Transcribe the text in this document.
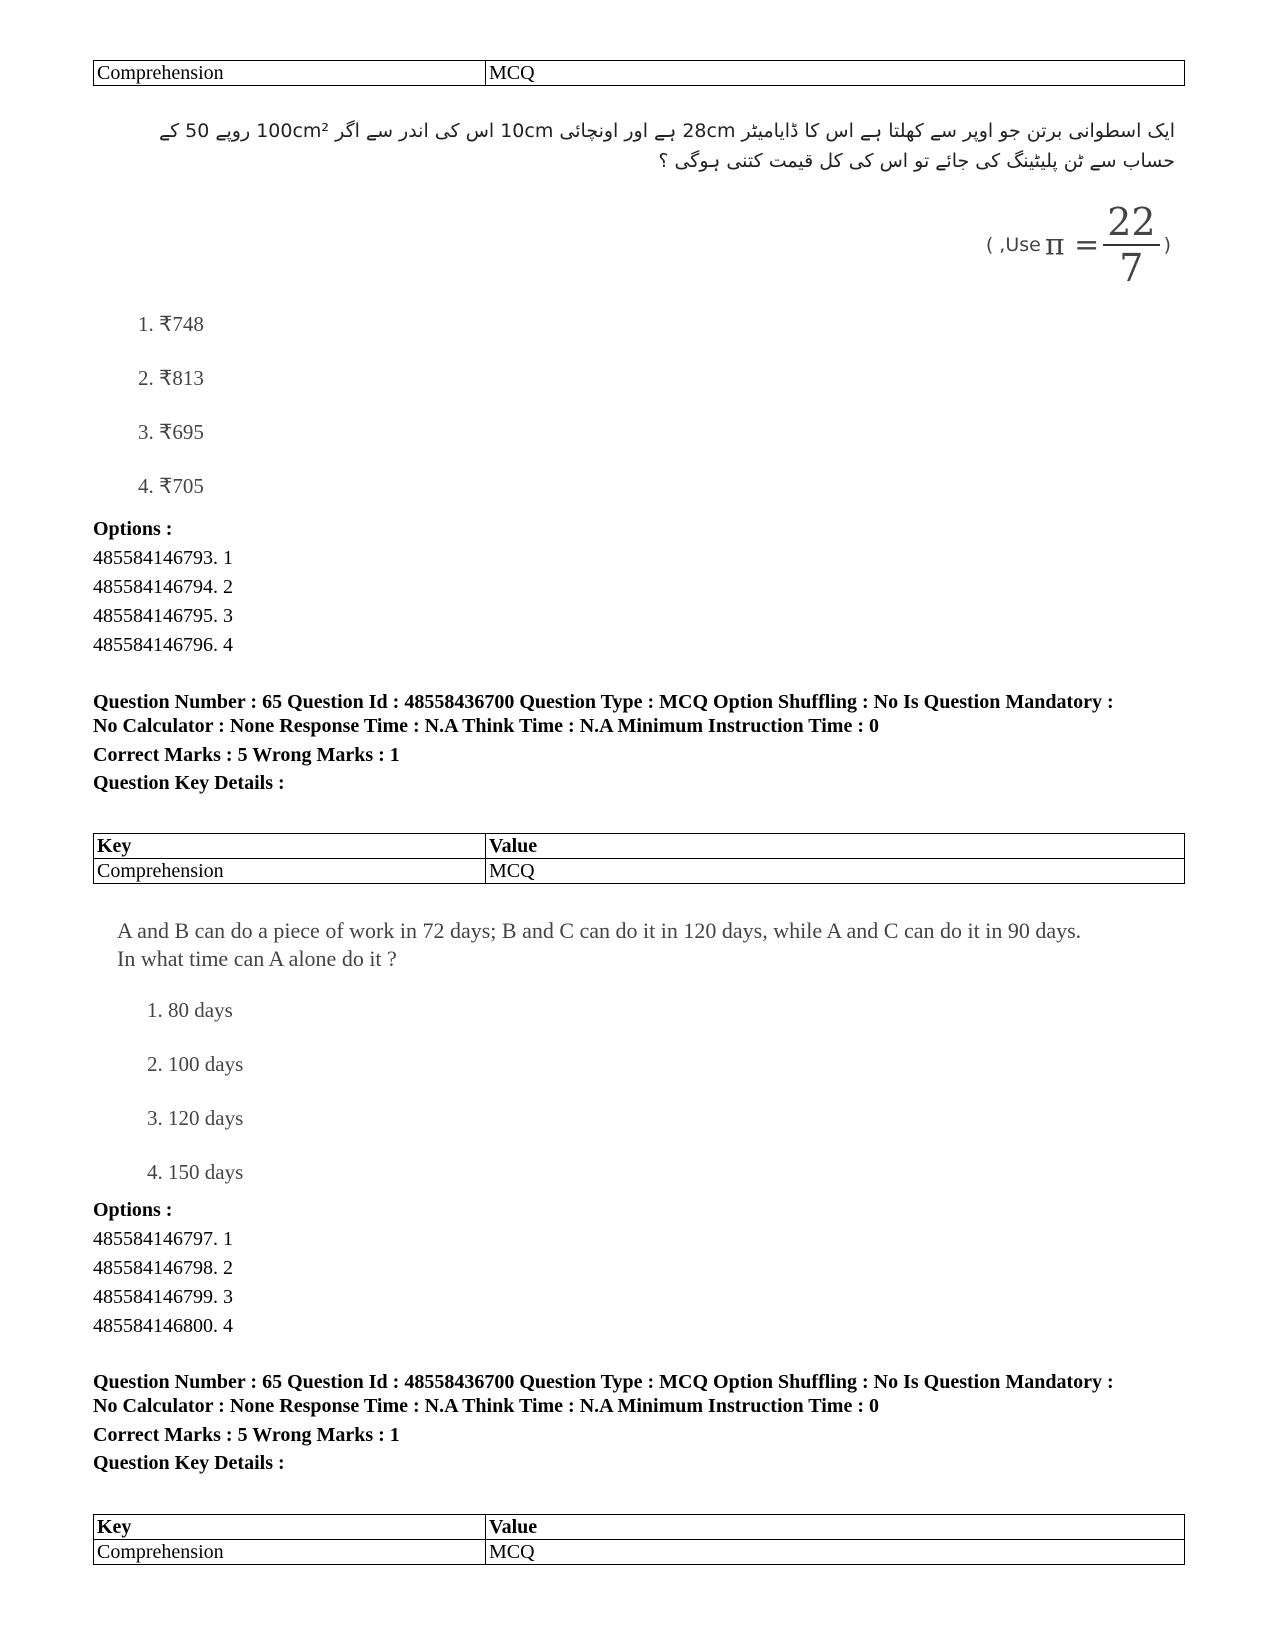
Comprehension	MCQ
ایک اسطوانی برتن جو اوپر سے کھلتا ہے اس کا ڈایامیٹر 28cm ہے اور اونچائی 10cm اس کی اندر سے اگر 100cm² روپے 50 کے
حساب سے ٹن پلیٹینگ کی جائے تو اس کی کل قیمت کتنی ہوگی ؟
( ,Use $\pi = \frac{22}{7}$ )
1. ₹748
2. ₹813
3. ₹695
4. ₹705
Options :
485584146793. 1
485584146794. 2
485584146795. 3
485584146796. 4
Question Number : 65 Question Id : 48558436700 Question Type : MCQ Option Shuffling : No Is Question Mandatory :
No Calculator : None Response Time : N.A Think Time : N.A Minimum Instruction Time : 0
Correct Marks : 5 Wrong Marks : 1
Question Key Details :
Key	Value
Comprehension	MCQ
A and B can do a piece of work in 72 days; B and C can do it in 120 days, while A and C can do it in 90 days.
In what time can A alone do it ?
1. 80 days
2. 100 days
3. 120 days
4. 150 days
Options :
485584146797. 1
485584146798. 2
485584146799. 3
485584146800. 4
Question Number : 65 Question Id : 48558436700 Question Type : MCQ Option Shuffling : No Is Question Mandatory :
No Calculator : None Response Time : N.A Think Time : N.A Minimum Instruction Time : 0
Correct Marks : 5 Wrong Marks : 1
Question Key Details :
Key	Value
Comprehension	MCQ
